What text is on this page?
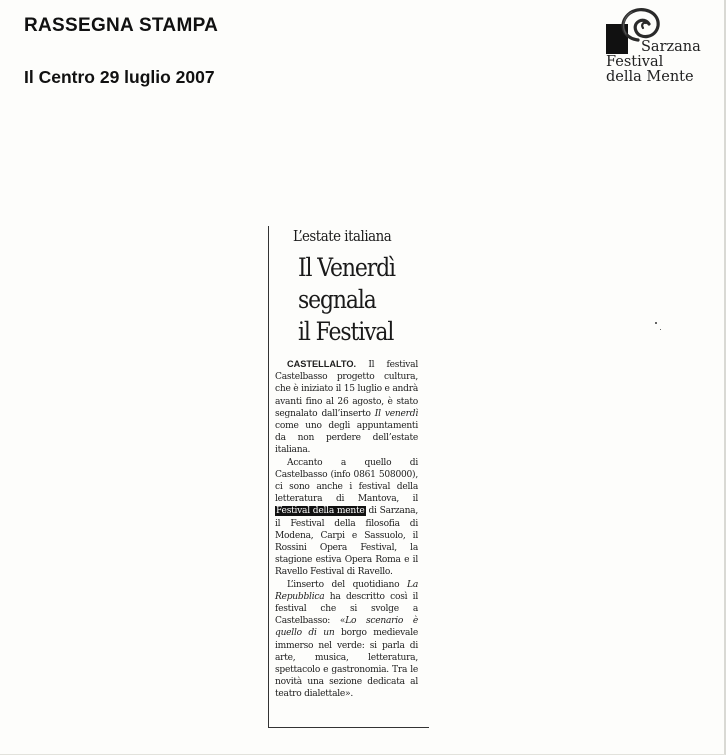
RASSEGNA STAMPA
Il Centro 29 luglio 2007
Sarzana
Festival
della Mente
L’estate italiana
Il Venerdì
segnala
il Festival

CASTELLALTO. Il festival Castelbasso progetto cultura, che è iniziato il 15 luglio e andrà avanti fino al 26 agosto, è stato segnalato dall’inserto Il venerdì come uno degli appuntamenti da non perdere dell’estate italiana.

Accanto a quello di Castelbasso (info 0861 508000), ci sono anche i festival della letteratura di Mantova, il Festival della mente di Sarzana, il Festival della filosofia di Modena, Carpi e Sassuolo, il Rossini Opera Festival, la stagione estiva Opera Roma e il Ravello Festival di Ravello.

L’inserto del quotidiano La Repubblica ha descritto così il festival che si svolge a Castelbasso: «Lo scenario è quello di un borgo medievale immerso nel verde: si parla di arte, musica, letteratura, spettacolo e gastronomia. Tra le novità una sezione dedicata al teatro dialettale».
